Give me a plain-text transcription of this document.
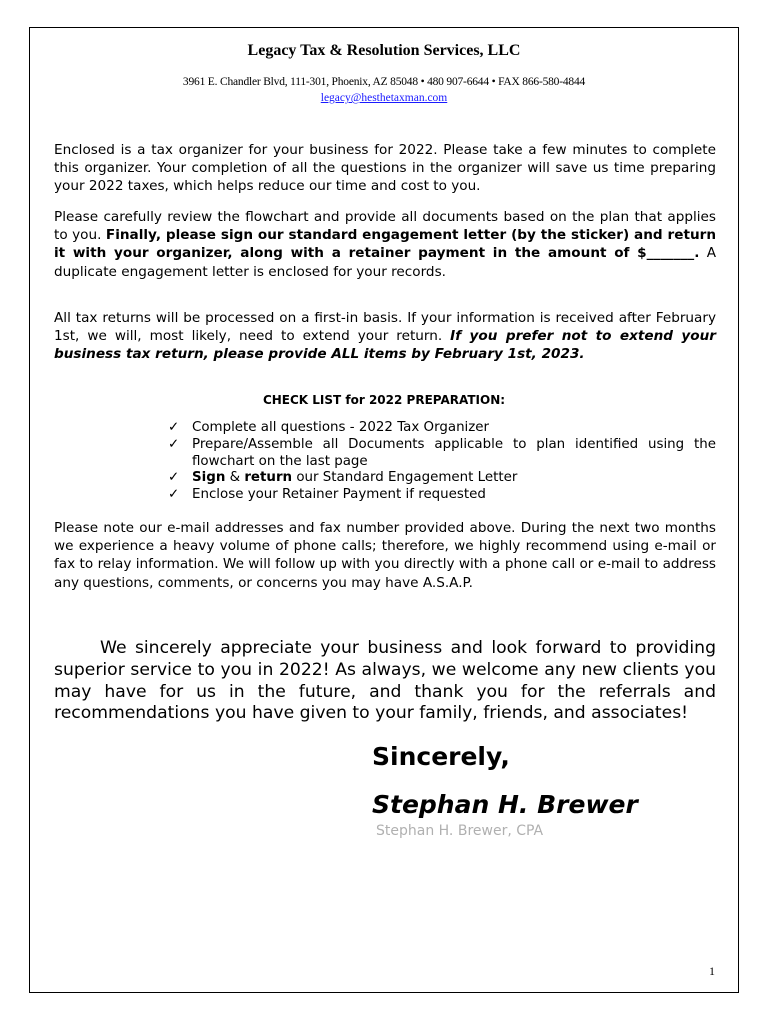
Legacy Tax & Resolution Services, LLC
3961 E. Chandler Blvd, 111-301, Phoenix, AZ 85048 • 480 907-6644 • FAX 866-580-4844
legacy@hesthetaxman.com
Enclosed is a tax organizer for your business for 2022. Please take a few minutes to complete this organizer. Your completion of all the questions in the organizer will save us time preparing your 2022 taxes, which helps reduce our time and cost to you.
Please carefully review the flowchart and provide all documents based on the plan that applies to you. Finally, please sign our standard engagement letter (by the sticker) and return it with your organizer, along with a retainer payment in the amount of $_______. A duplicate engagement letter is enclosed for your records.
All tax returns will be processed on a first-in basis. If your information is received after February 1st, we will, most likely, need to extend your return. If you prefer not to extend your business tax return, please provide ALL items by February 1st, 2023.
CHECK LIST for 2022 PREPARATION:
✓ Complete all questions - 2022 Tax Organizer
✓ Prepare/Assemble all Documents applicable to plan identified using the flowchart on the last page
✓ Sign & return our Standard Engagement Letter
✓ Enclose your Retainer Payment if requested
Please note our e-mail addresses and fax number provided above. During the next two months we experience a heavy volume of phone calls; therefore, we highly recommend using e-mail or fax to relay information. We will follow up with you directly with a phone call or e-mail to address any questions, comments, or concerns you may have A.S.A.P.
We sincerely appreciate your business and look forward to providing superior service to you in 2022! As always, we welcome any new clients you may have for us in the future, and thank you for the referrals and recommendations you have given to your family, friends, and associates!
Sincerely,
Stephan H. Brewer
Stephan H. Brewer, CPA
1
